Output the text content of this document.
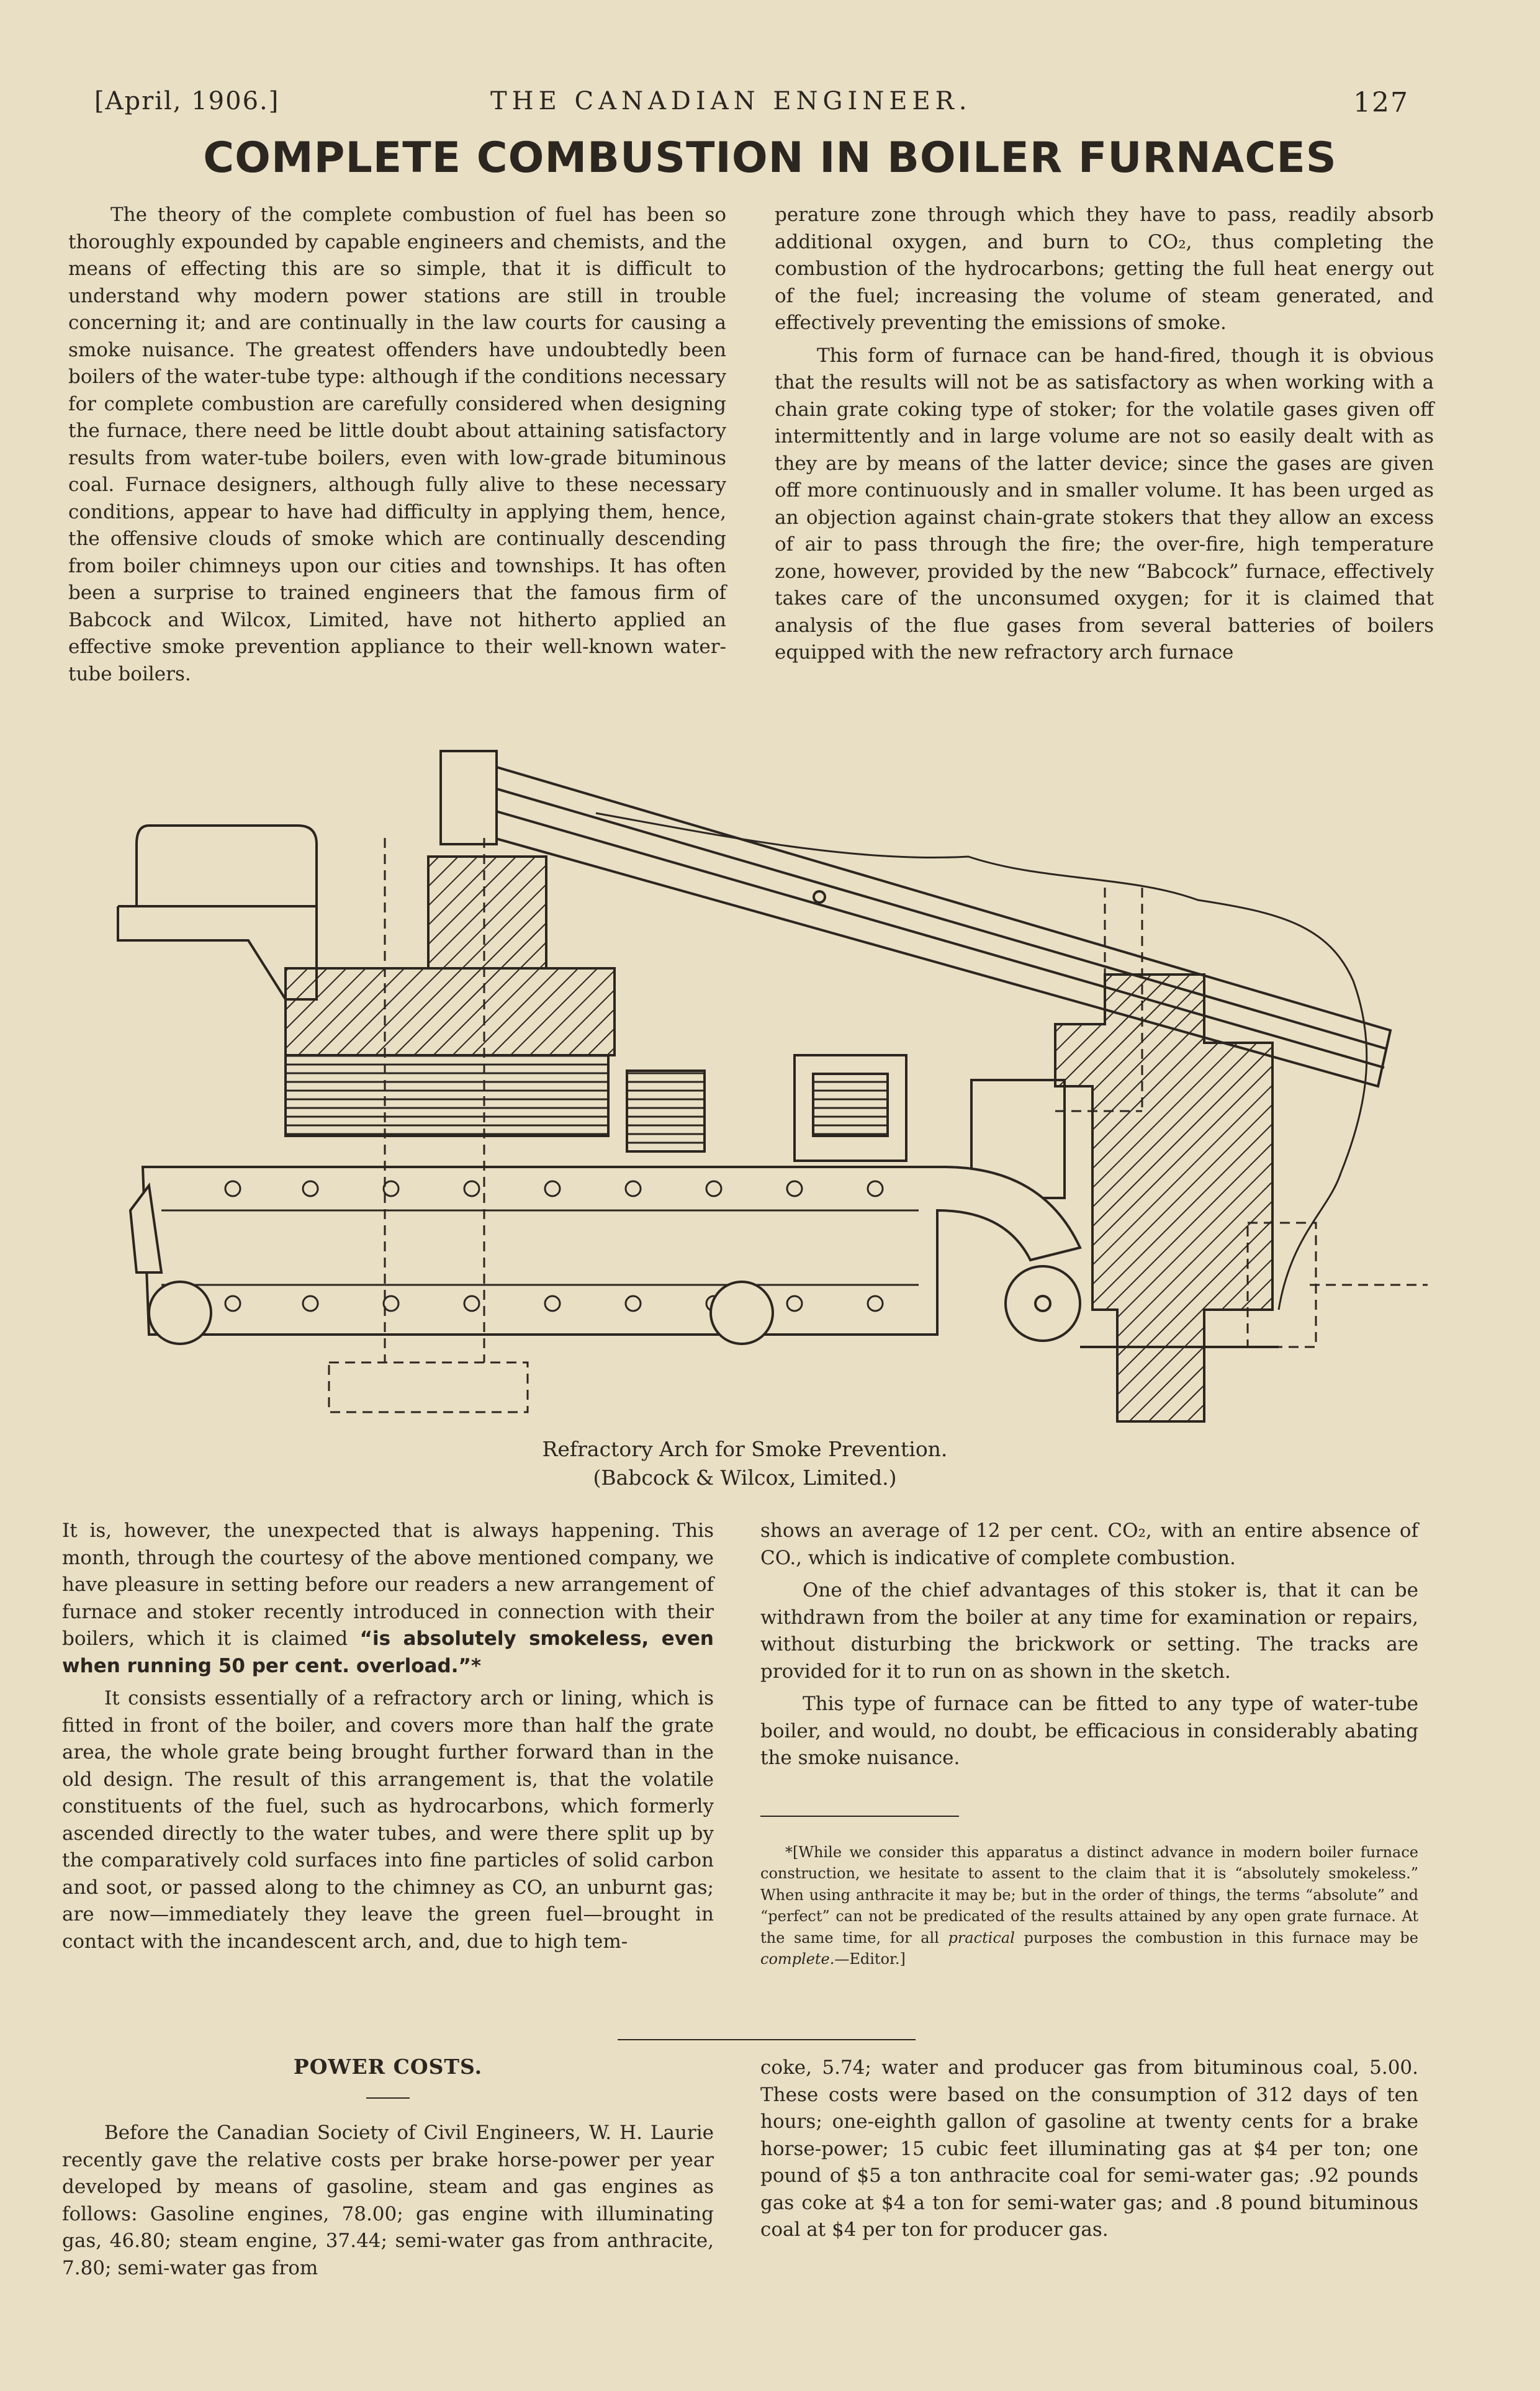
[April, 1906.]	THE CANADIAN ENGINEER.	127
COMPLETE COMBUSTION IN BOILER FURNACES

The theory of the complete combustion of fuel has been so thoroughly expounded by capable engineers and chemists, and the means of effecting this are so simple, that it is difficult to understand why modern power stations are still in trouble concerning it; and are continually in the law courts for causing a smoke nuisance. The greatest offenders have undoubtedly been boilers of the water-tube type: although if the conditions necessary for complete combustion are carefully considered when designing the furnace, there need be little doubt about attaining satisfactory results from water-tube boilers, even with low-grade bituminous coal. Furnace designers, although fully alive to these necessary conditions, appear to have had difficulty in applying them, hence, the offensive clouds of smoke which are continually descending from boiler chimneys upon our cities and townships. It has often been a surprise to trained engineers that the famous firm of Babcock and Wilcox, Limited, have not hitherto applied an effective smoke prevention appliance to their well-known water-tube boilers.

perature zone through which they have to pass, readily absorb additional oxygen, and burn to CO₂, thus completing the combustion of the hydrocarbons; getting the full heat energy out of the fuel; increasing the volume of steam generated, and effectively preventing the emissions of smoke.

This form of furnace can be hand-fired, though it is obvious that the results will not be as satisfactory as when working with a chain grate coking type of stoker; for the volatile gases given off intermittently and in large volume are not so easily dealt with as they are by means of the latter device; since the gases are given off more continuously and in smaller volume. It has been urged as an objection against chain-grate stokers that they allow an excess of air to pass through the fire; the over-fire, high temperature zone, however, provided by the new “Babcock” furnace, effectively takes care of the unconsumed oxygen; for it is claimed that analysis of the flue gases from several batteries of boilers equipped with the new refractory arch furnace

Refractory Arch for Smoke Prevention.
(Babcock & Wilcox, Limited.)

It is, however, the unexpected that is always happening. This month, through the courtesy of the above mentioned company, we have pleasure in setting before our readers a new arrangement of furnace and stoker recently introduced in connection with their boilers, which it is claimed “is absolutely smokeless, even when running 50 per cent. overload.”*

It consists essentially of a refractory arch or lining, which is fitted in front of the boiler, and covers more than half the grate area, the whole grate being brought further forward than in the old design. The result of this arrangement is, that the volatile constituents of the fuel, such as hydrocarbons, which formerly ascended directly to the water tubes, and were there split up by the comparatively cold surfaces into fine particles of solid carbon and soot, or passed along to the chimney as CO, an unburnt gas; are now—immediately they leave the green fuel—brought in contact with the incandescent arch, and, due to high tem-

shows an average of 12 per cent. CO₂, with an entire absence of CO., which is indicative of complete combustion.

One of the chief advantages of this stoker is, that it can be withdrawn from the boiler at any time for examination or repairs, without disturbing the brickwork or setting. The tracks are provided for it to run on as shown in the sketch.

This type of furnace can be fitted to any type of water-tube boiler, and would, no doubt, be efficacious in considerably abating the smoke nuisance.

*[While we consider this apparatus a distinct advance in modern boiler furnace construction, we hesitate to assent to the claim that it is “absolutely smokeless.” When using anthracite it may be; but in the order of things, the terms “absolute” and “perfect” can not be predicated of the results attained by any open grate furnace. At the same time, for all practical purposes the combustion in this furnace may be complete.—Editor.]

POWER COSTS.

Before the Canadian Society of Civil Engineers, W. H. Laurie recently gave the relative costs per brake horse-power per year developed by means of gasoline, steam and gas engines as follows: Gasoline engines, 78.00; gas engine with illuminating gas, 46.80; steam engine, 37.44; semi-water gas from anthracite, 7.80; semi-water gas from

coke, 5.74; water and producer gas from bituminous coal, 5.00. These costs were based on the consumption of 312 days of ten hours; one-eighth gallon of gasoline at twenty cents for a brake horse-power; 15 cubic feet illuminating gas at $4 per ton; one pound of $5 a ton anthracite coal for semi-water gas; .92 pounds gas coke at $4 a ton for semi-water gas; and .8 pound bituminous coal at $4 per ton for producer gas.
